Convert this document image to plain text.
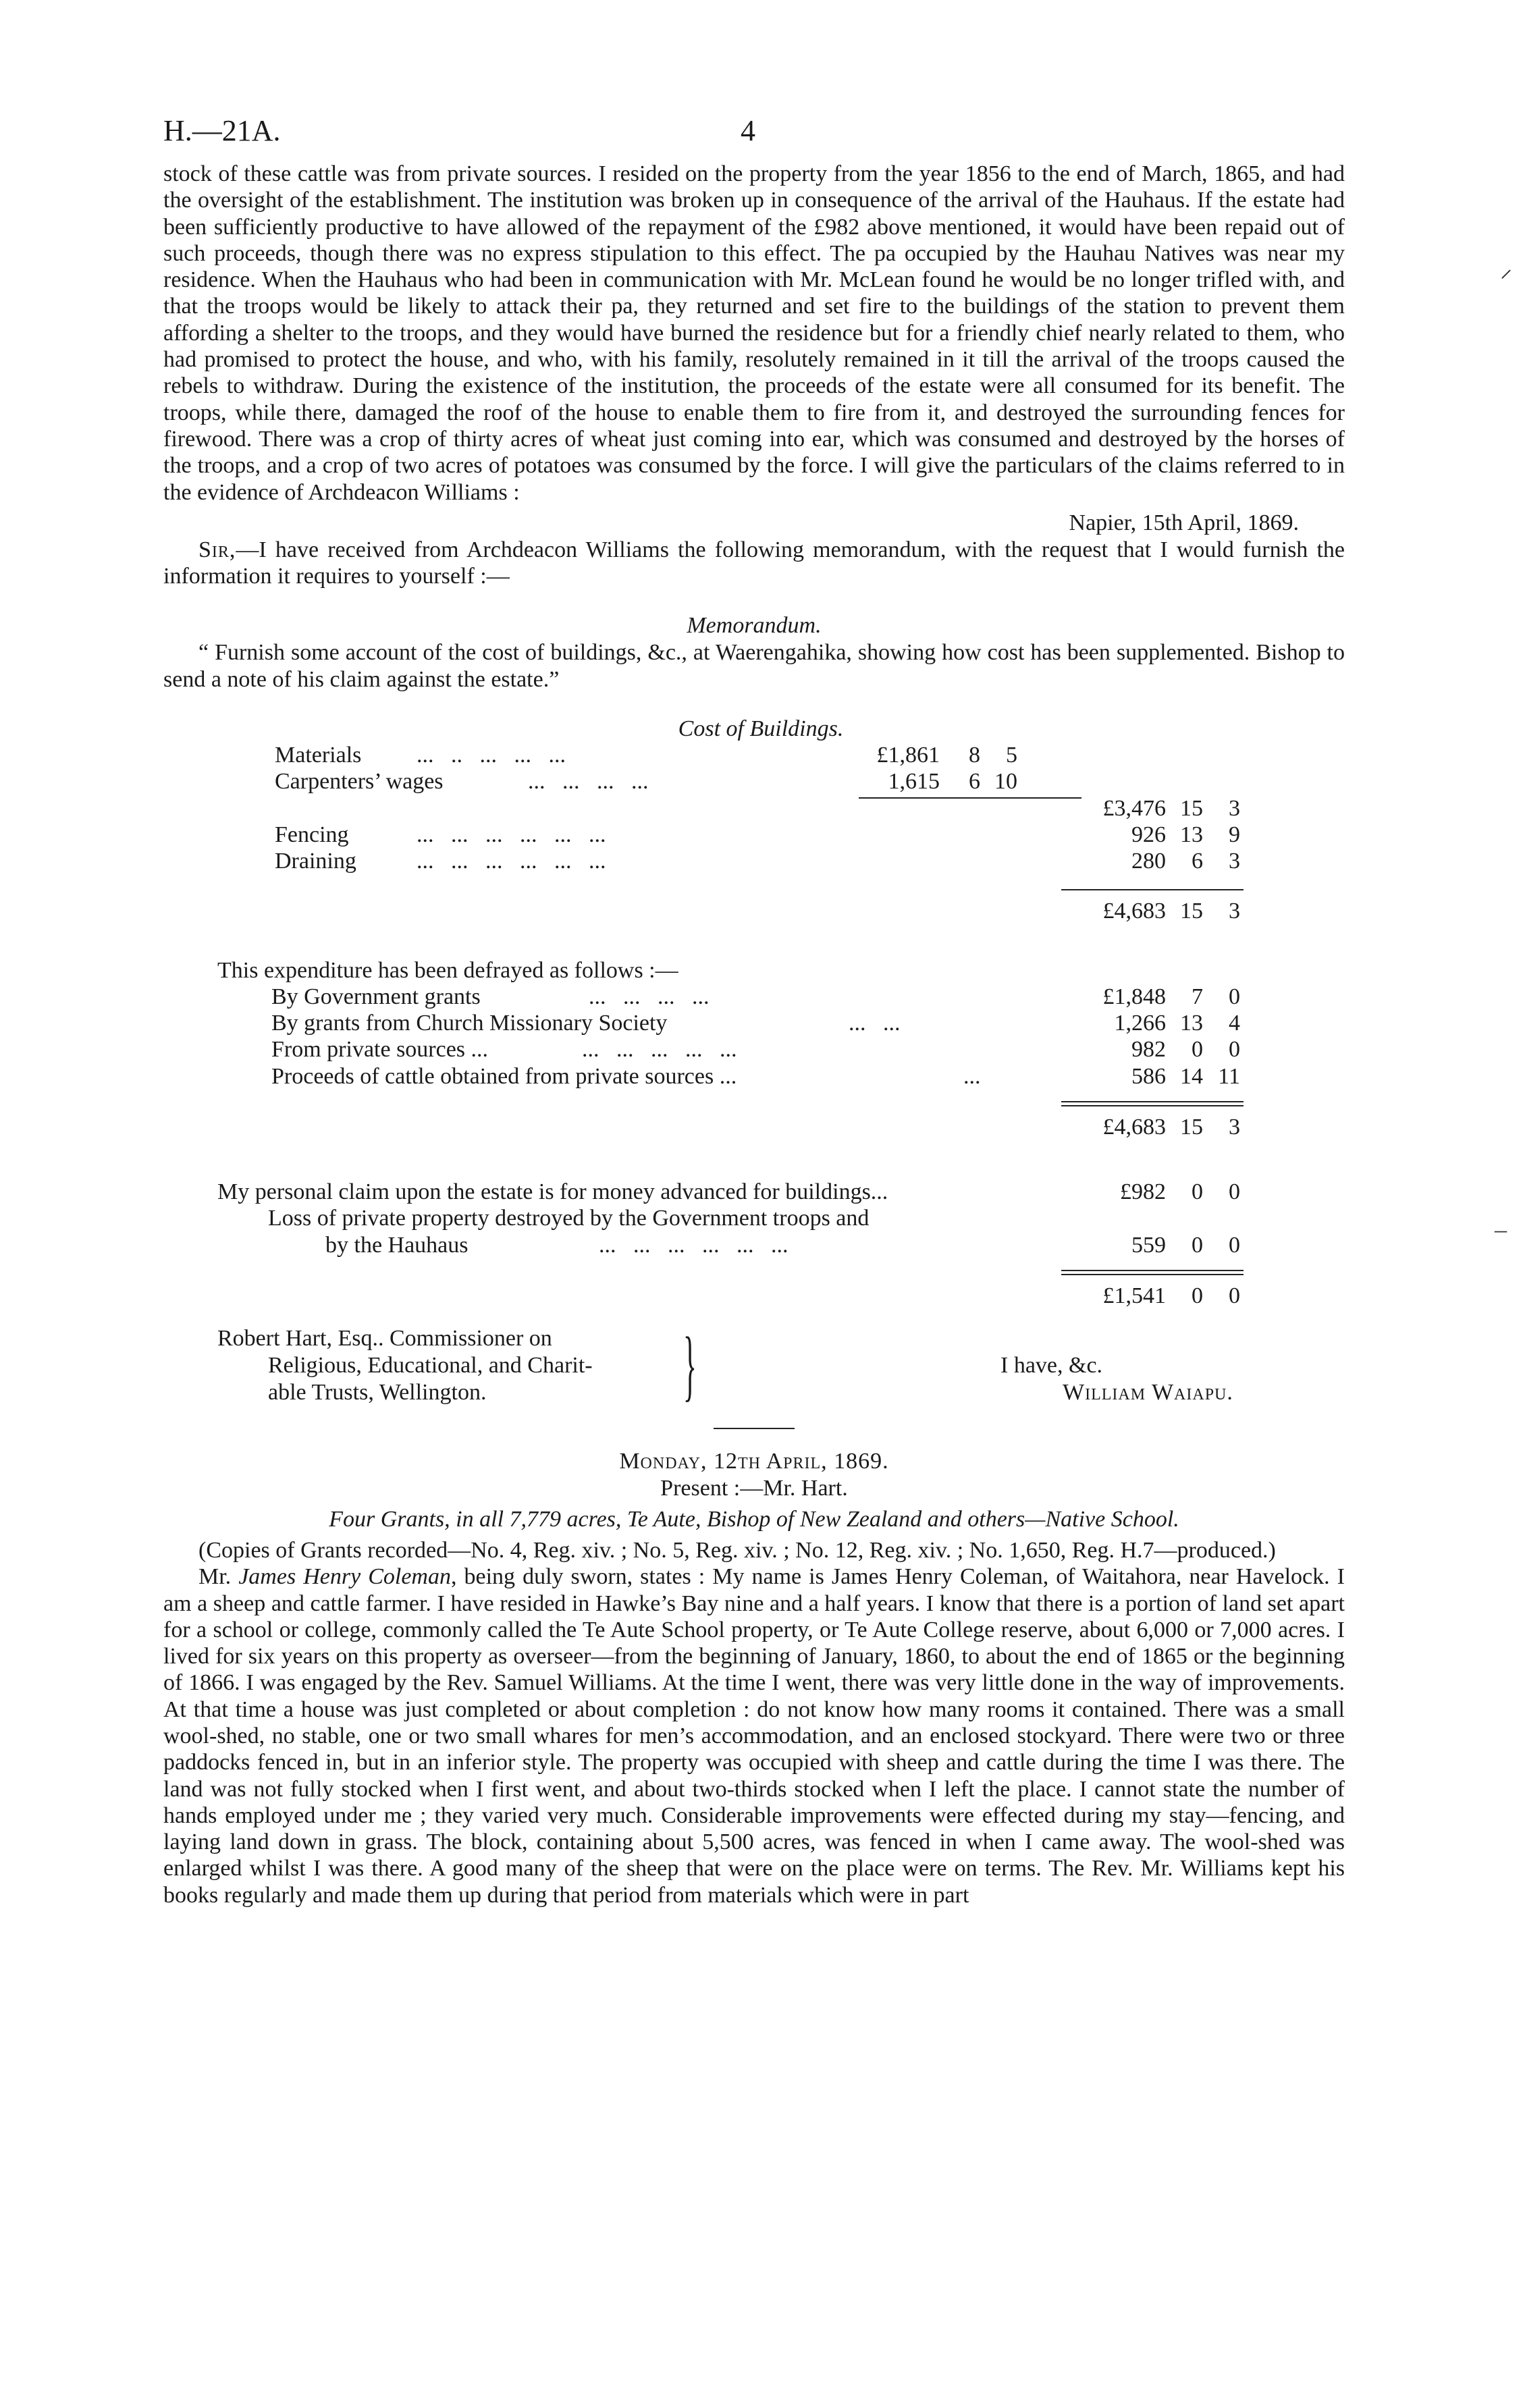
⸝
–
H.—21A.	4

stock of these cattle was from private sources. I resided on the property from the year 1856 to the end of March, 1865, and had the oversight of the establishment. The institution was broken up in consequence of the arrival of the Hauhaus. If the estate had been sufficiently productive to have allowed of the repayment of the £982 above mentioned, it would have been repaid out of such proceeds, though there was no express stipulation to this effect. The pa occupied by the Hauhau Natives was near my residence. When the Hauhaus who had been in communication with Mr. McLean found he would be no longer trifled with, and that the troops would be likely to attack their pa, they returned and set fire to the buildings of the station to prevent them affording a shelter to the troops, and they would have burned the residence but for a friendly chief nearly related to them, who had promised to protect the house, and who, with his family, resolutely remained in it till the arrival of the troops caused the rebels to withdraw. During the existence of the institution, the proceeds of the estate were all consumed for its benefit. The troops, while there, damaged the roof of the house to enable them to fire from it, and destroyed the surrounding fences for firewood. There was a crop of thirty acres of wheat just coming into ear, which was consumed and destroyed by the horses of the troops, and a crop of two acres of potatoes was consumed by the force. I will give the particulars of the claims referred to in the evidence of Archdeacon Williams :

Napier, 15th April, 1869.

Sir,—I have received from Archdeacon Williams the following memorandum, with the request that I would furnish the information it requires to yourself :—

Memorandum.

“ Furnish some account of the cost of buildings, &c., at Waerengahika, showing how cost has been supplemented. Bishop to send a note of his claim against the estate.”

Cost of Buildings.
Materials ...   ..   ...   ...   ...	£1,861	8	5
Carpenters’ wages	...   ...   ...   ...	1,615	6 10
£3,476 15	3
Fencing	...   ...   ...   ...   ...   ...	926 13	9
Draining	...   ...   ...   ...   ...   ...	280	6	3
£4,683 15	3
This expenditure has been defrayed as follows :—
By Government grants	...   ...   ...   ...	£1,848	7	0
By grants from Church Missionary Society	...   ...	1,266 13	4
From private sources ...	...   ...   ...   ...   ...	982	0	0
Proceeds of cattle obtained from private sources ...	...	586 14 11
£4,683 15	3
My personal claim upon the estate is for money advanced for buildings...	£982	0	0
Loss of private property destroyed by the Government troops and
by the Hauhaus	...   ...   ...   ...   ...   ...	559	0	0
£1,541	0	0
Robert Hart, Esq.. Commissioner on
Religious, Educational, and Charit-
able Trusts, Wellington.	}	I have, &c.
William Waiapu.
Monday, 12th April, 1869.
Present :—Mr. Hart.
Four Grants, in all 7,779 acres, Te Aute, Bishop of New Zealand and others—Native School.

(Copies of Grants recorded—No. 4, Reg. xiv. ; No. 5, Reg. xiv. ; No. 12, Reg. xiv. ; No. 1,650, Reg. H.7—produced.)

Mr. James Henry Coleman, being duly sworn, states : My name is James Henry Coleman, of Waitahora, near Havelock. I am a sheep and cattle farmer. I have resided in Hawke’s Bay nine and a half years. I know that there is a portion of land set apart for a school or college, commonly called the Te Aute School property, or Te Aute College reserve, about 6,000 or 7,000 acres. I lived for six years on this property as overseer—from the beginning of January, 1860, to about the end of 1865 or the beginning of 1866. I was engaged by the Rev. Samuel Williams. At the time I went, there was very little done in the way of improvements. At that time a house was just completed or about completion : do not know how many rooms it contained. There was a small wool-shed, no stable, one or two small whares for men’s accommodation, and an enclosed stockyard. There were two or three paddocks fenced in, but in an inferior style. The property was occupied with sheep and cattle during the time I was there. The land was not fully stocked when I first went, and about two-thirds stocked when I left the place. I cannot state the number of hands employed under me ; they varied very much. Considerable improvements were effected during my stay—fencing, and laying land down in grass. The block, containing about 5,500 acres, was fenced in when I came away. The wool-shed was enlarged whilst I was there. A good many of the sheep that were on the place were on terms. The Rev. Mr. Williams kept his books regularly and made them up during that period from materials which were in part
